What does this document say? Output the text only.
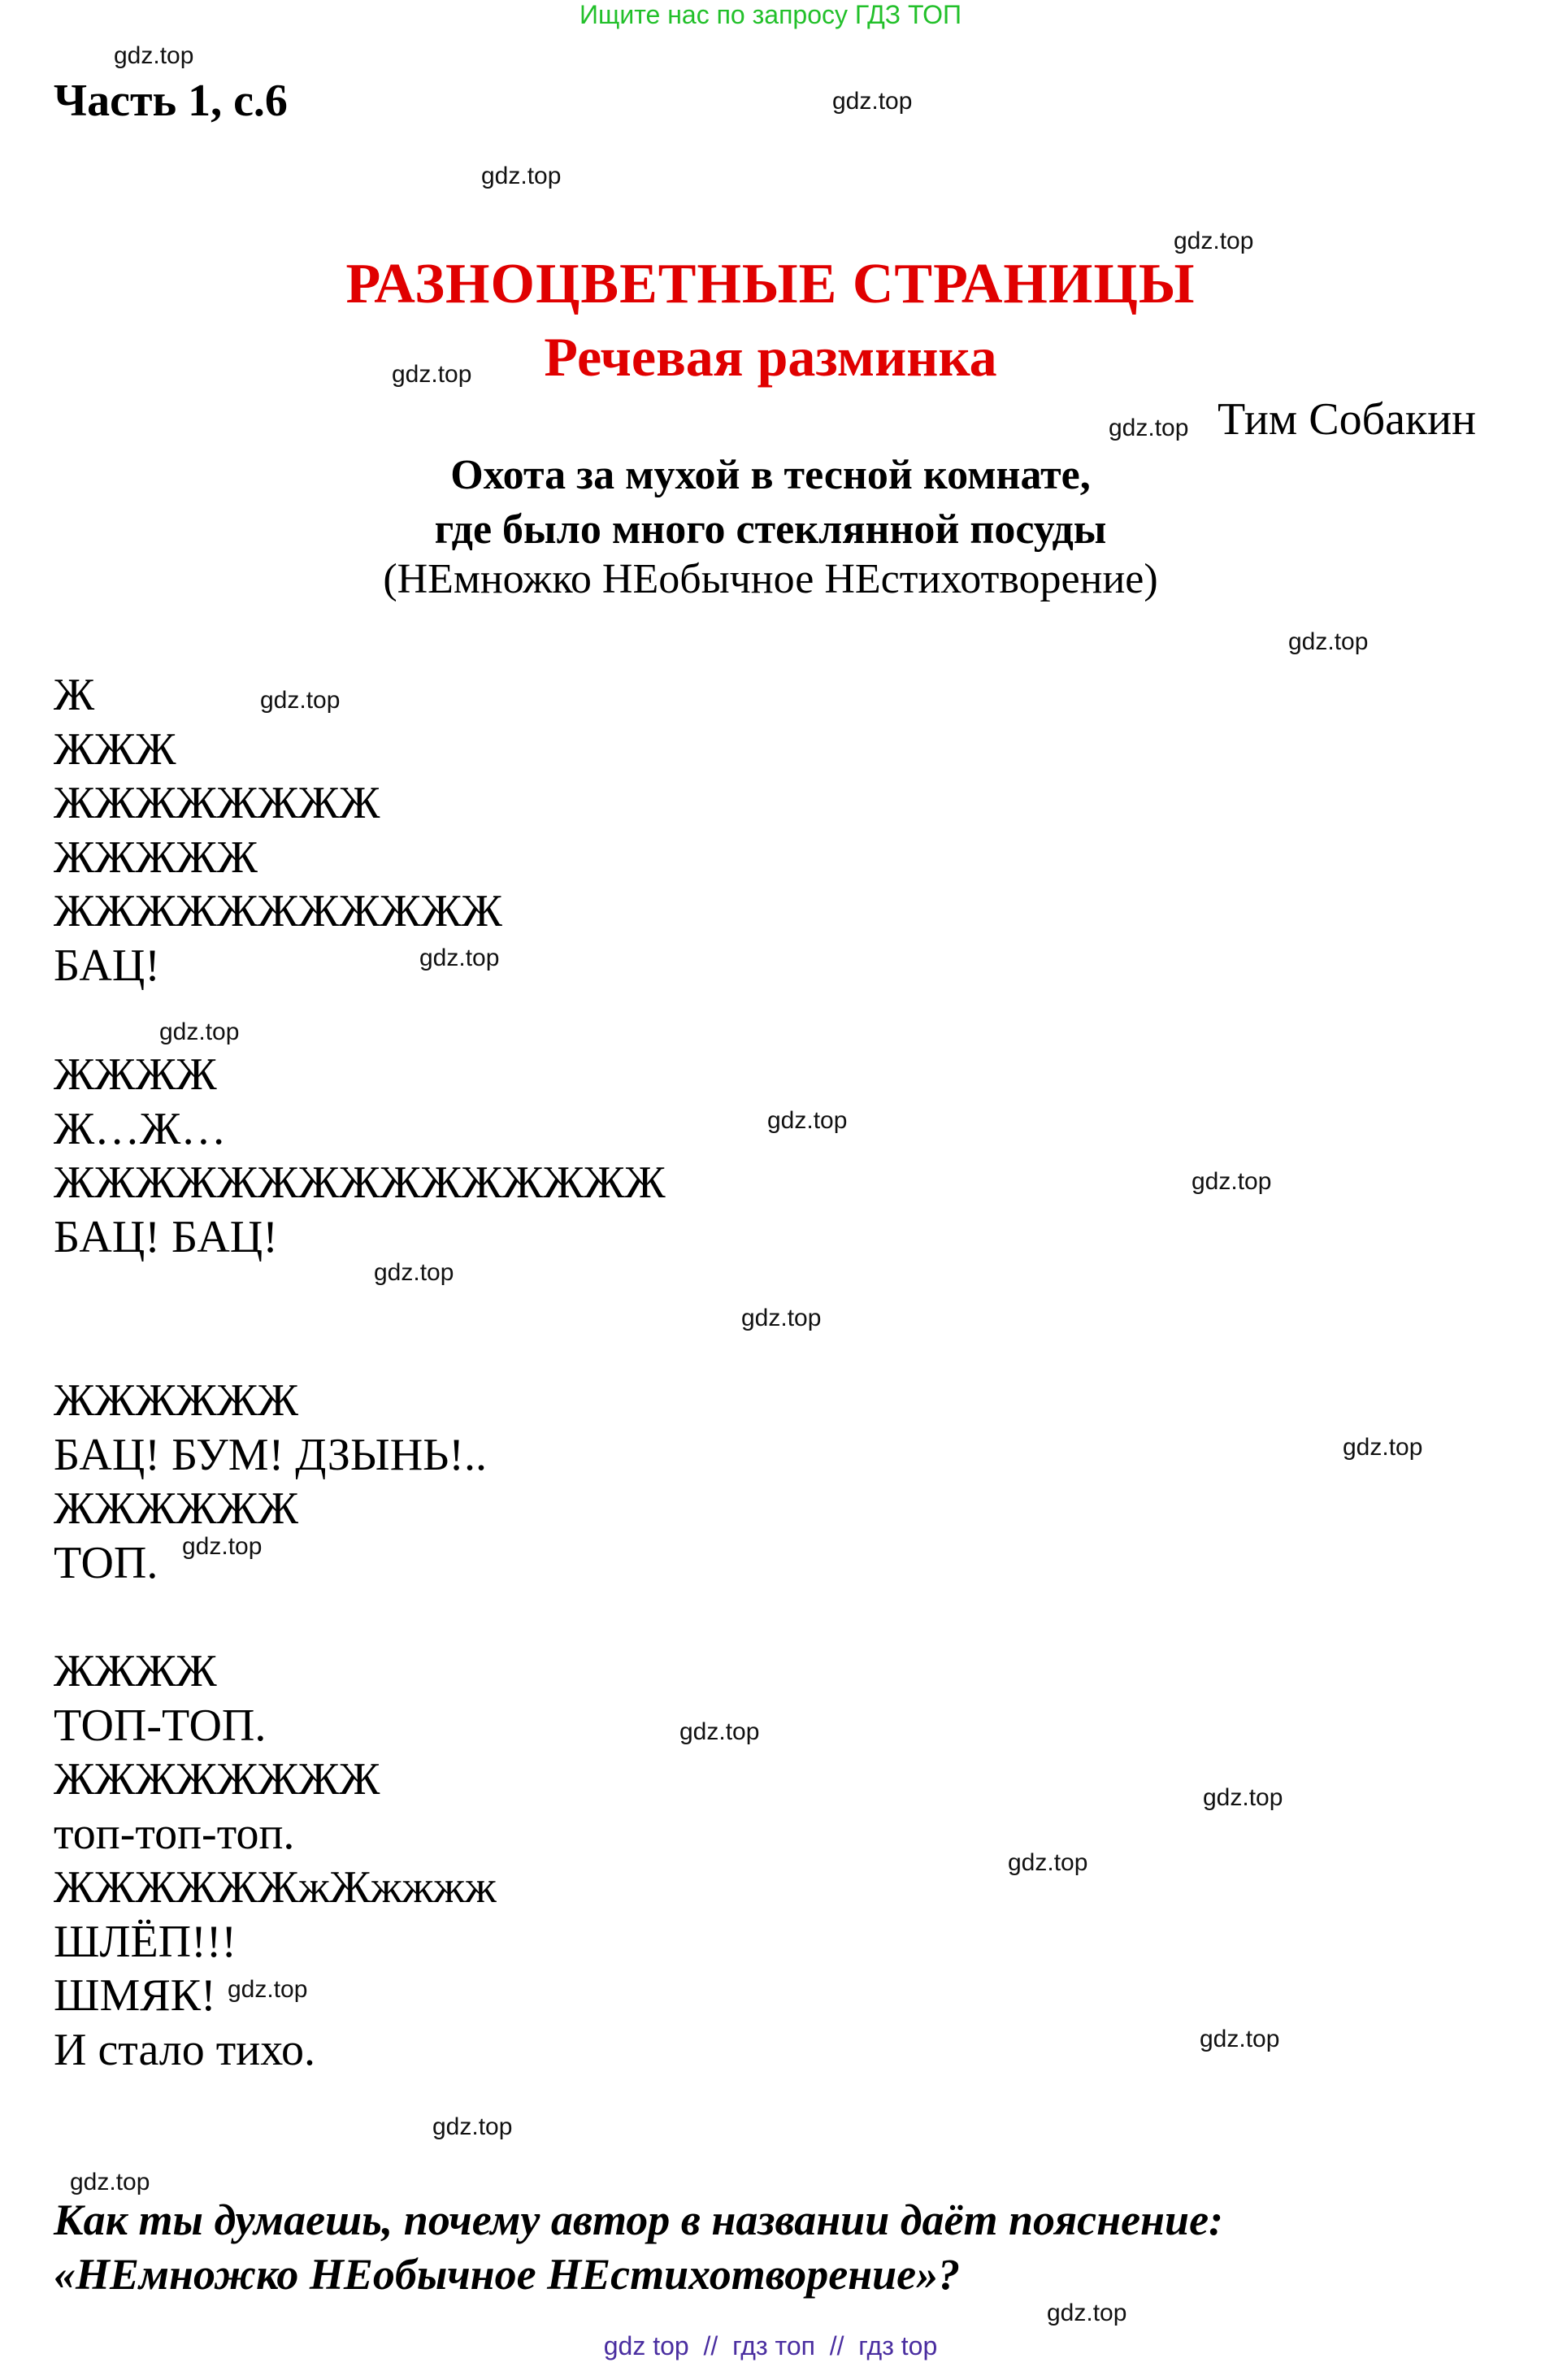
Ищите нас по запросу ГДЗ ТОП
Часть 1, с.6
РАЗНОЦВЕТНЫЕ СТРАНИЦЫ
Речевая разминка
Тим Собакин
Охота за мухой в тесной комнате,
где было много стеклянной посуды
(НЕмножко НЕобычное НЕстихотворение)
Ж
ЖЖЖ
ЖЖЖЖЖЖЖЖ
ЖЖЖЖЖ
ЖЖЖЖЖЖЖЖЖЖЖ
БАЦ!
ЖЖЖЖ
Ж…Ж…
ЖЖЖЖЖЖЖЖЖЖЖЖЖЖЖ
БАЦ! БАЦ!
ЖЖЖЖЖЖ
БАЦ! БУМ! ДЗЫНЬ!..
ЖЖЖЖЖЖ
ТОП.
ЖЖЖЖ
ТОП-ТОП.
ЖЖЖЖЖЖЖЖ
топ-топ-топ.
ЖЖЖЖЖЖжЖжжжж
ШЛЁП!!!
ШМЯК!
И стало тихо.
Как ты думаешь, почему автор в названии даёт пояснение:
«НЕмножко НЕобычное НЕстихотворение»?
gdz.top
gdz.top
gdz.top
gdz.top
gdz.top
gdz.top
gdz.top
gdz.top
gdz.top
gdz.top
gdz.top
gdz.top
gdz.top
gdz.top
gdz.top
gdz.top
gdz.top
gdz.top
gdz.top
gdz.top
gdz.top
gdz.top
gdz.top
gdz.top
gdz top // гдз топ // гдз top
